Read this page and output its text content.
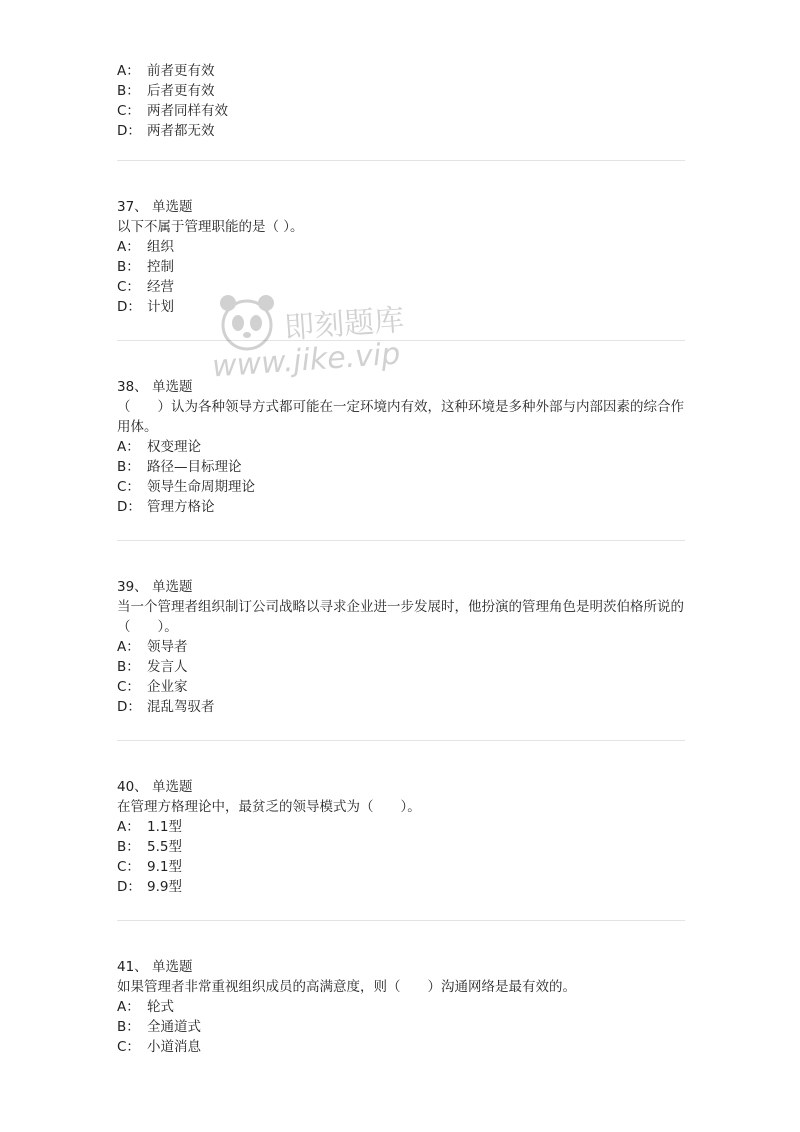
A： 前者更有效
B： 后者更有效
C： 两者同样有效
D： 两者都无效
37、 单选题
以下不属于管理职能的是（ ）。
A： 组织
B： 控制
C： 经营
D： 计划
38、 单选题
（　　）认为各种领导方式都可能在一定环境内有效，这种环境是多种外部与内部因素的综合作用体。
A： 权变理论
B： 路径—目标理论
C： 领导生命周期理论
D： 管理方格论
39、 单选题
当一个管理者组织制订公司战略以寻求企业进一步发展时，他扮演的管理角色是明茨伯格所说的（　　）。
A： 领导者
B： 发言人
C： 企业家
D： 混乱驾驭者
40、 单选题
在管理方格理论中，最贫乏的领导模式为（　　）。
A： 1.1型
B： 5.5型
C： 9.1型
D： 9.9型
41、 单选题
如果管理者非常重视组织成员的高满意度，则（　　）沟通网络是最有效的。
A： 轮式
B： 全通道式
C： 小道消息
即刻题库
www.jike.vip
